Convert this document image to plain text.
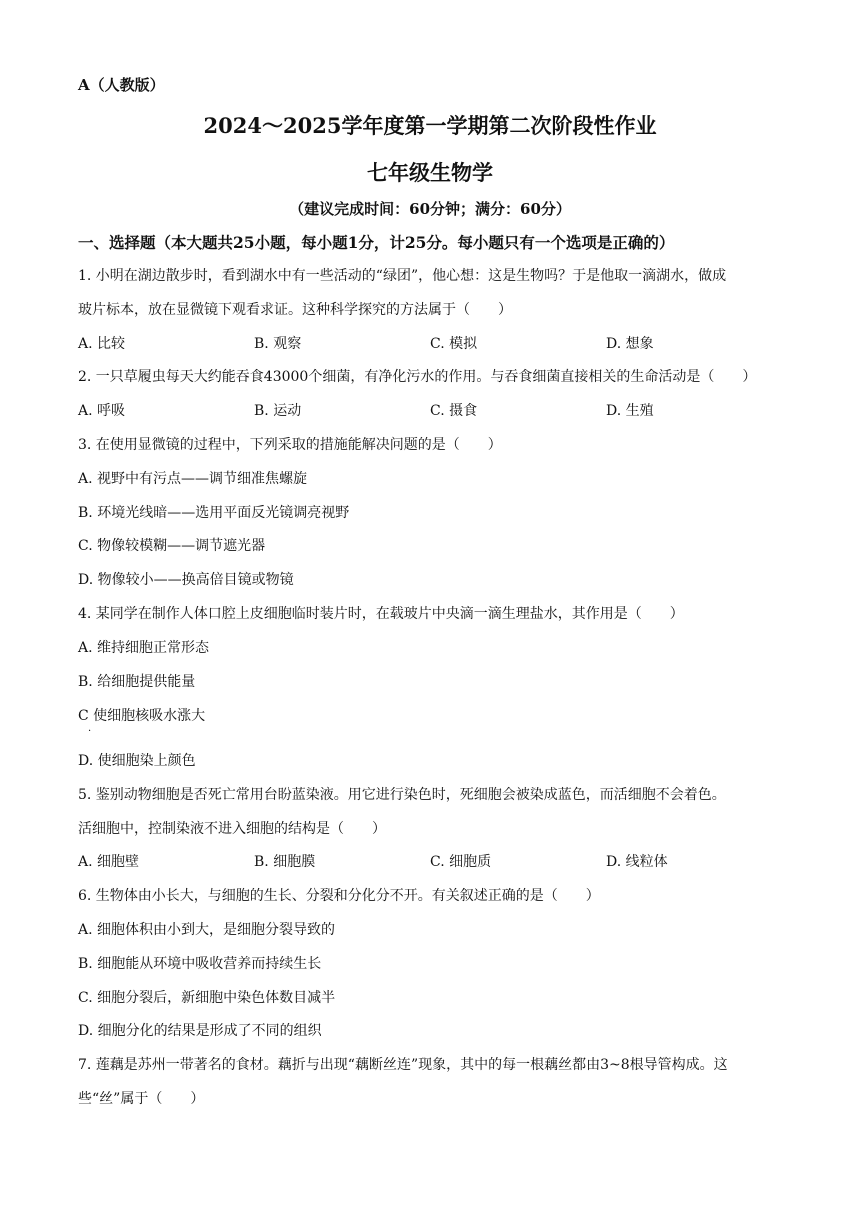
A（人教版）
2024～2025学年度第一学期第二次阶段性作业
七年级生物学
（建议完成时间：60分钟；满分：60分）
一、选择题（本大题共25小题，每小题1分，计25分。每小题只有一个选项是正确的）
1. 小明在湖边散步时，看到湖水中有一些活动的“绿团”，他心想：这是生物吗？于是他取一滴湖水，做成
玻片标本，放在显微镜下观看求证。这种科学探究的方法属于（　　）
A. 比较	B. 观察	C. 模拟	D. 想象
2. 一只草履虫每天大约能吞食43000个细菌，有净化污水的作用。与吞食细菌直接相关的生命活动是（　　）
A. 呼吸	B. 运动	C. 摄食	D. 生殖
3. 在使用显微镜的过程中，下列采取的措施能解决问题的是（　　）
A. 视野中有污点——调节细准焦螺旋
B. 环境光线暗——选用平面反光镜调亮视野
C. 物像较模糊——调节遮光器
D. 物像较小——换高倍目镜或物镜
4. 某同学在制作人体口腔上皮细胞临时装片时，在载玻片中央滴一滴生理盐水，其作用是（　　）
A. 维持细胞正常形态
B. 给细胞提供能量
C 使细胞核吸水涨大
·
D. 使细胞染上颜色
5. 鉴别动物细胞是否死亡常用台盼蓝染液。用它进行染色时，死细胞会被染成蓝色，而活细胞不会着色。
活细胞中，控制染液不进入细胞的结构是（　　）
A. 细胞壁	B. 细胞膜	C. 细胞质	D. 线粒体
6. 生物体由小长大，与细胞的生长、分裂和分化分不开。有关叙述正确的是（　　）
A. 细胞体积由小到大，是细胞分裂导致的
B. 细胞能从环境中吸收营养而持续生长
C. 细胞分裂后，新细胞中染色体数目减半
D. 细胞分化的结果是形成了不同的组织
7. 莲藕是苏州一带著名的食材。藕折与出现“藕断丝连”现象，其中的每一根藕丝都由3~8根导管构成。这
些“丝”属于（　　）
